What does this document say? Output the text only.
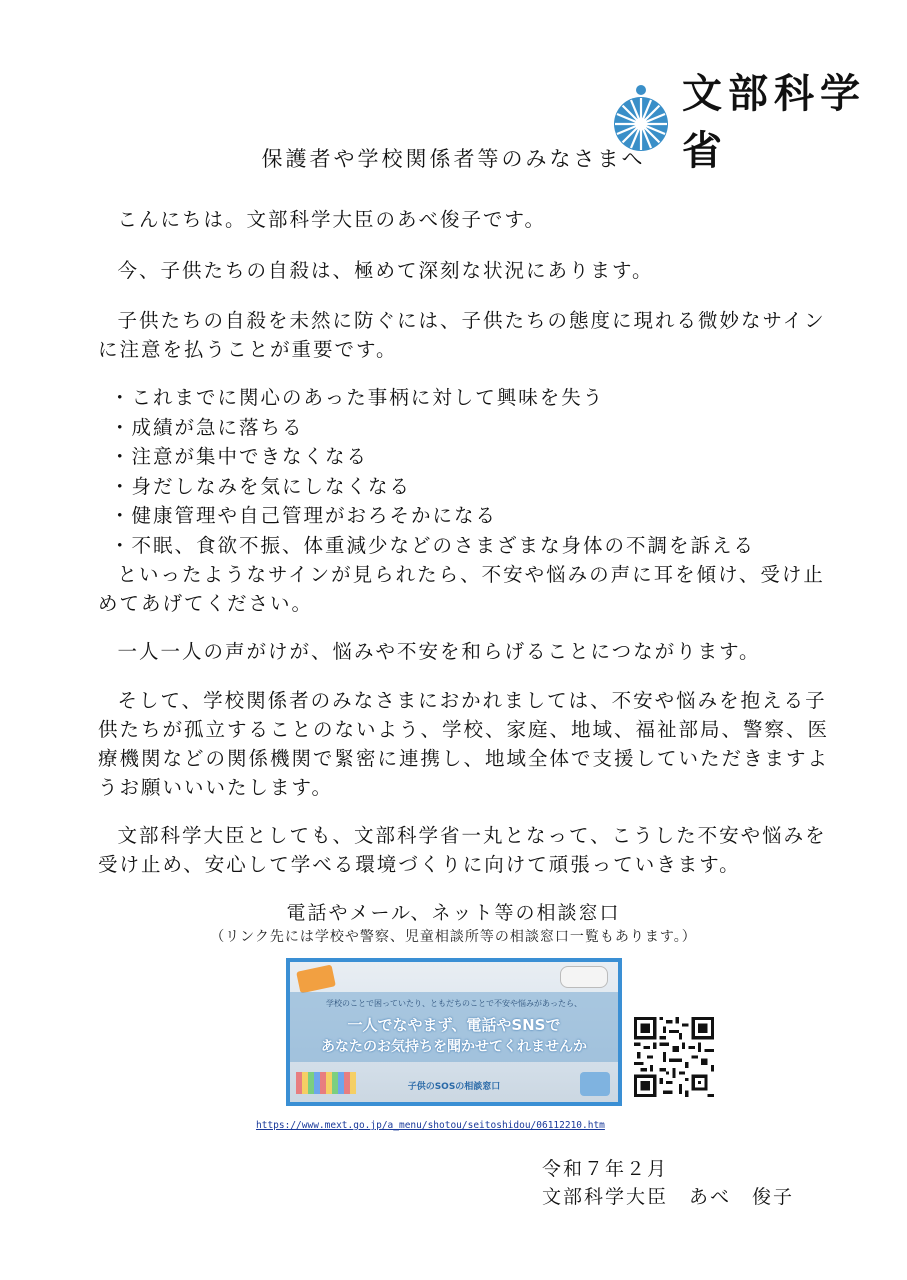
文部科学省
保護者や学校関係者等のみなさまへ

こんにちは。文部科学大臣のあべ俊子です。

今、子供たちの自殺は、極めて深刻な状況にあります。

子供たちの自殺を未然に防ぐには、子供たちの態度に現れる微妙なサインに注意を払うことが重要です。

・これまでに関心のあった事柄に対して興味を失う
・成績が急に落ちる
・注意が集中できなくなる
・身だしなみを気にしなくなる
・健康管理や自己管理がおろそかになる
・不眠、食欲不振、体重減少などのさまざまな身体の不調を訴える

といったようなサインが見られたら、不安や悩みの声に耳を傾け、受け止めてあげてください。

一人一人の声がけが、悩みや不安を和らげることにつながります。

そして、学校関係者のみなさまにおかれましては、不安や悩みを抱える子供たちが孤立することのないよう、学校、家庭、地域、福祉部局、警察、医療機関などの関係機関で緊密に連携し、地域全体で支援していただきますようお願いいいたします。

文部科学大臣としても、文部科学省一丸となって、こうした不安や悩みを受け止め、安心して学べる環境づくりに向けて頑張っていきます。

電話やメール、ネット等の相談窓口
（リンク先には学校や警察、児童相談所等の相談窓口一覧もあります。）
学校のことで困っていたり、ともだちのことで不安や悩みがあったら、
一人でなやまず、電話やSNSで
あなたのお気持ちを聞かせてくれませんか
子供のSOSの相談窓口
https://www.mext.go.jp/a_menu/shotou/seitoshidou/06112210.htm
令和７年２月
文部科学大臣　あべ　俊子
